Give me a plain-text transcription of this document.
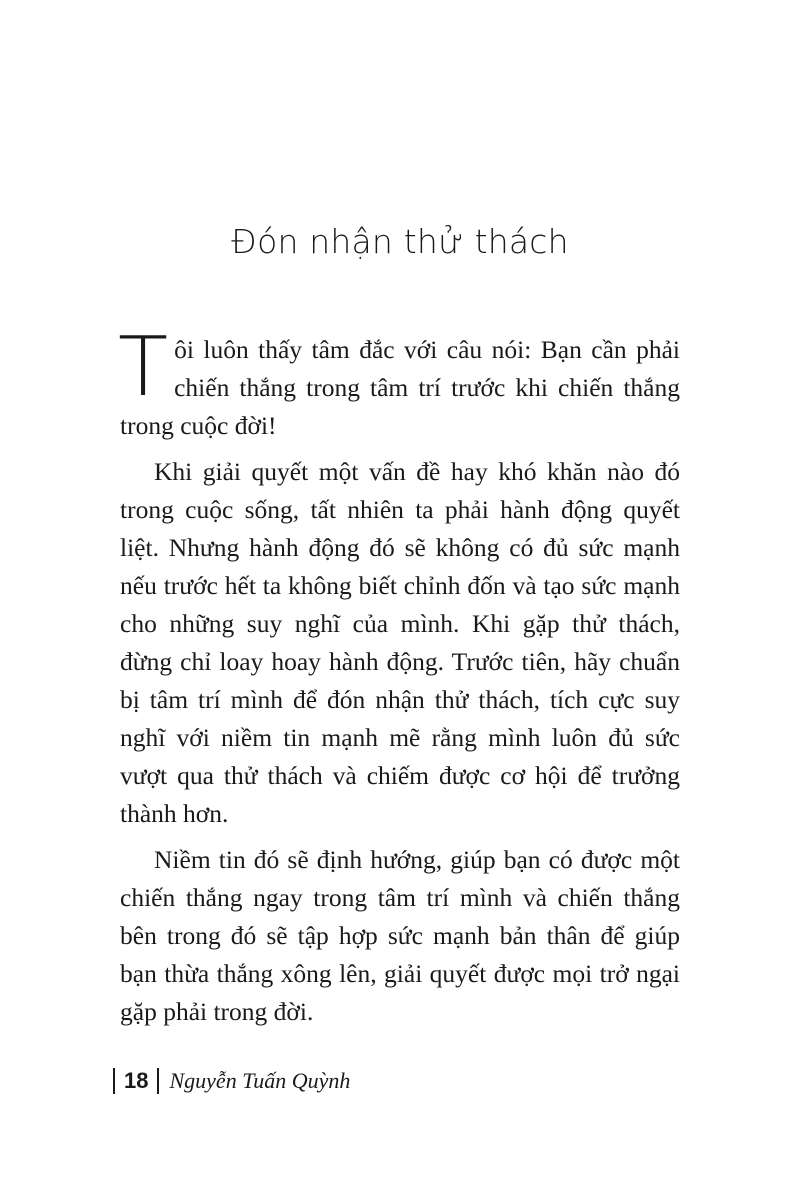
Đón nhận thử thách

Tôi luôn thấy tâm đắc với câu nói: Bạn cần phải chiến thắng trong tâm trí trước khi chiến thắng trong cuộc đời!

Khi giải quyết một vấn đề hay khó khăn nào đó trong cuộc sống, tất nhiên ta phải hành động quyết liệt. Nhưng hành động đó sẽ không có đủ sức mạnh nếu trước hết ta không biết chỉnh đốn và tạo sức mạnh cho những suy nghĩ của mình. Khi gặp thử thách, đừng chỉ loay hoay hành động. Trước tiên, hãy chuẩn bị tâm trí mình để đón nhận thử thách, tích cực suy nghĩ với niềm tin mạnh mẽ rằng mình luôn đủ sức vượt qua thử thách và chiếm được cơ hội để trưởng thành hơn.

Niềm tin đó sẽ định hướng, giúp bạn có được một chiến thắng ngay trong tâm trí mình và chiến thắng bên trong đó sẽ tập hợp sức mạnh bản thân để giúp bạn thừa thắng xông lên, giải quyết được mọi trở ngại gặp phải trong đời.

18 Nguyễn Tuấn Quỳnh
